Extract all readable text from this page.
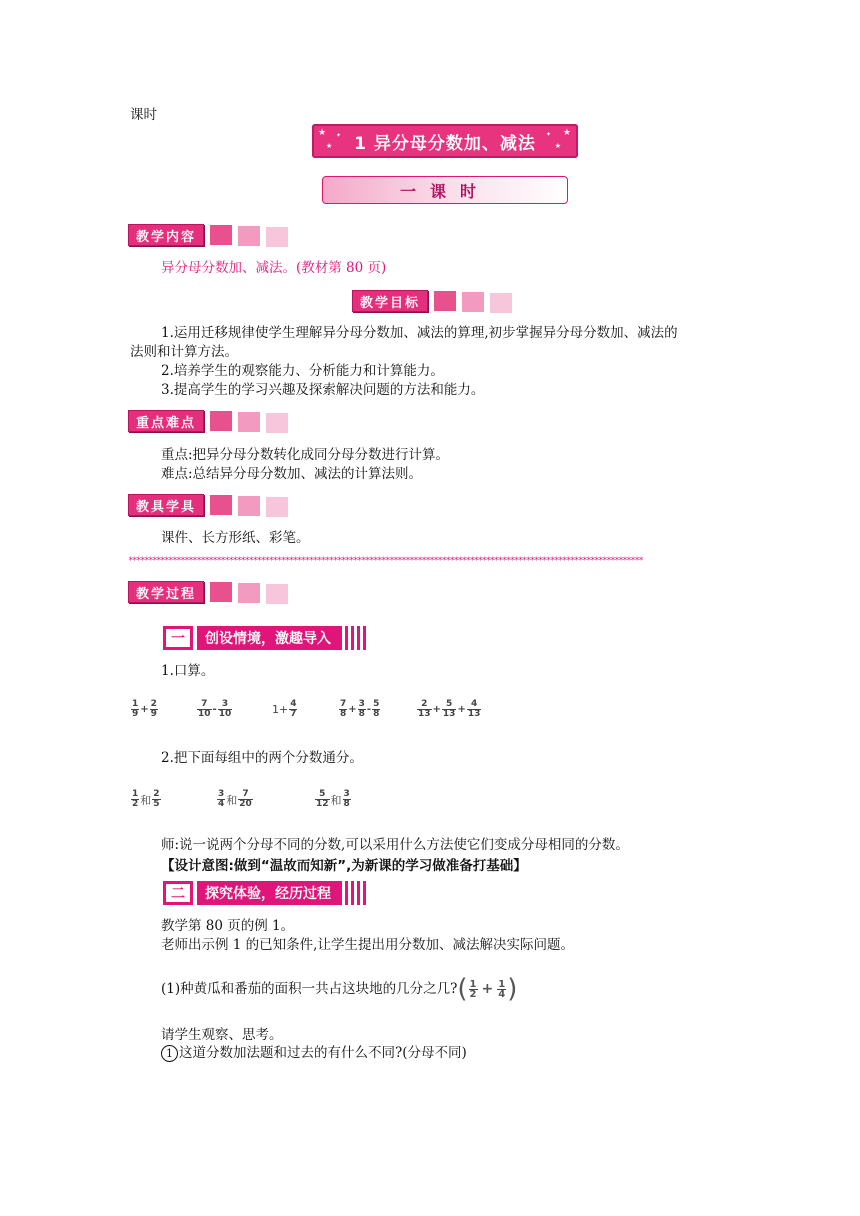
课时
★
★
✦ 1 异分母分数加、减法
★
★
✦
一课时
教学内容
异分母分数加、减法。(教材第 80 页)
教学目标
1.运用迁移规律使学生理解异分母分数加、减法的算理,初步掌握异分母分数加、减法的
法则和计算方法。
2.培养学生的观察能力、分析能力和计算能力。
3.提高学生的学习兴趣及探索解决问题的方法和能力。
重点难点
重点:把异分母分数转化成同分母分数进行计算。
难点:总结异分母分数加、减法的计算法则。
教具学具
课件、长方形纸、彩笔。
********************************************************************************************************************************
教学过程
一	创设情境，激趣导入
1.口算。
$\frac{1}{9} + \frac{2}{9}$	$\frac{7}{10} - \frac{3}{10}$	$1+ \frac{4}{7}$	$\frac{7}{8} + \frac{3}{8} - \frac{5}{8}$	$\frac{2}{13} + \frac{5}{13} + \frac{4}{13}$
2.把下面每组中的两个分数通分。
$\frac{1}{2}$ 和 $\frac{2}{5}$	$\frac{3}{4}$ 和 $\frac{7}{20}$	$\frac{5}{12}$ 和 $\frac{3}{8}$
师:说一说两个分母不同的分数,可以采用什么方法使它们变成分母相同的分数。
【设计意图:做到“温故而知新”,为新课的学习做准备打基础】
二	探究体验，经历过程
教学第 80 页的例 1。
老师出示例 1 的已知条件,让学生提出用分数加、减法解决实际问题。
(1)种黄瓜和番茄的面积一共占这块地的几分之几? ( $\frac{1}{2} + \frac{1}{4}$ )
请学生观察、思考。
1 这道分数加法题和过去的有什么不同?(分母不同)
